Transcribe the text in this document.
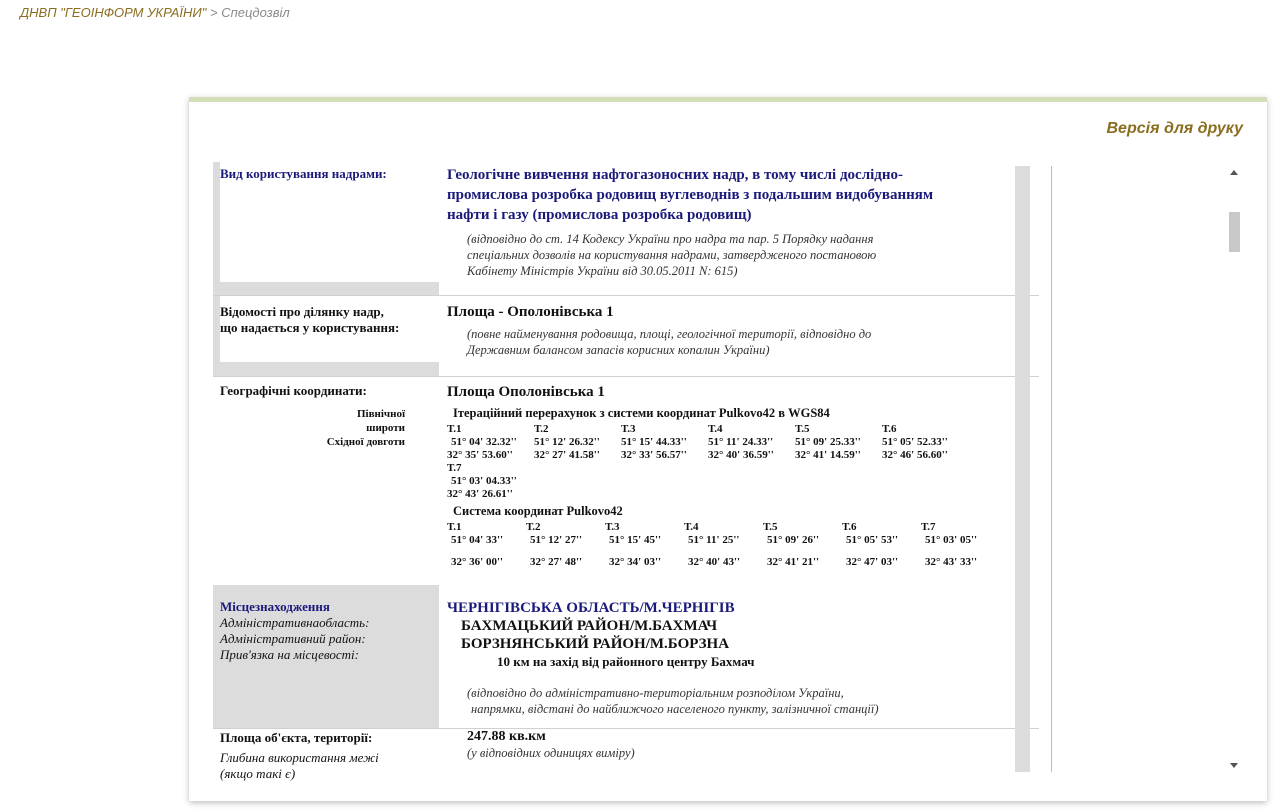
ДНВП "ГЕОІНФОРМ УКРАЇНИ" > Спецдозвіл
Версія для друку
Вид користування надрами:	Геологічне вивчення нафтогазоносних надр, в тому числі дослідно-
промислова розробка родовищ вуглеводнів з подальшим видобуванням
нафти і газу (промислова розробка родовищ)
(відповідно до ст. 14 Кодексу України про надра та пар. 5 Порядку надання
спеціальних дозволів на користування надрами, затвердженого постановою
Кабінету Міністрів України від 30.05.2011 N: 615)
Відомості про ділянку надр,
що надається у користування:
Площа - Ополонівська 1
(повне найменування родовища, площі, геологічної території, відповідно до
Державним балансом запасів корисних копалин України)
Географічні координати:
Північної
широти
Східної довготи
Площа Ополонівська 1
Ітераційний перерахунок з системи координат Pulkovo42 в WGS84
Т.1
51° 04' 32.32''
32° 35' 53.60''
Т.2
51° 12' 26.32''
32° 27' 41.58''
Т.3
51° 15' 44.33''
32° 33' 56.57''
Т.4
51° 11' 24.33''
32° 40' 36.59''
Т.5
51° 09' 25.33''
32° 41' 14.59''
Т.6
51° 05' 52.33''
32° 46' 56.60''
Т.7
51° 03' 04.33''
32° 43' 26.61''
Система координат Pulkovo42
Т.1
51° 04' 33''
32° 36' 00''
Т.2
51° 12' 27''
32° 27' 48''
Т.3
51° 15' 45''
32° 34' 03''
Т.4
51° 11' 25''
32° 40' 43''
Т.5
51° 09' 26''
32° 41' 21''
Т.6
51° 05' 53''
32° 47' 03''
Т.7
51° 03' 05''
32° 43' 33''
Місцезнаходження
Адміністративнаобласть:
Адміністративний район:
Прив'язка на місцевості:
ЧЕРНІГІВСЬКА ОБЛАСТЬ/М.ЧЕРНІГІВ
БАХМАЦЬКИЙ РАЙОН/М.БАХМАЧ
БОРЗНЯНСЬКИЙ РАЙОН/М.БОРЗНА
10 км на захід від районного центру Бахмач
(відповідно до адміністративно-територіальним розподілом України,
напрямки, відстані до найближчого населеного пункту, залізничної станції)
Площа об'єкта, території:
Глибина використання межі
(якщо такі є)
247.88 кв.км
(у відповідних одиницях виміру)
